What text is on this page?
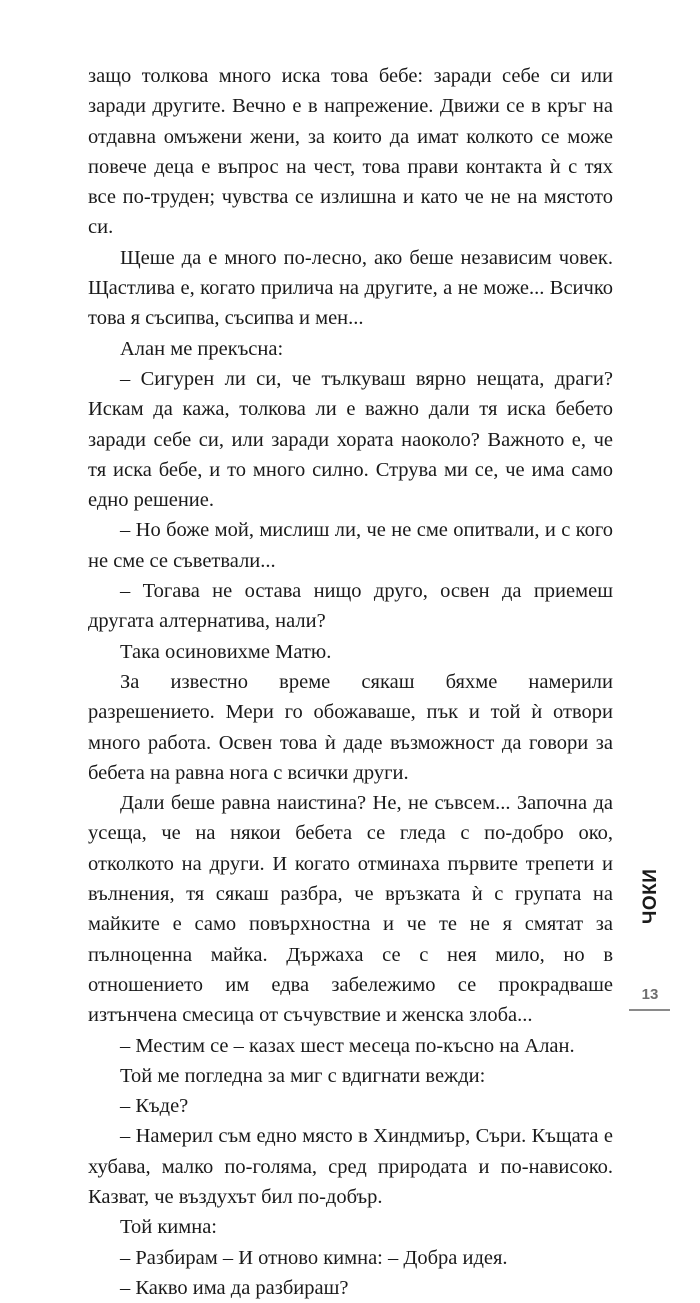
защо толкова много иска това бебе: заради себе си или заради другите. Вечно е в напрежение. Движи се в кръг на отдавна омъжени жени, за които да имат колкото се може повече деца е въпрос на чест, това прави контакта ѝ с тях все по-труден; чувства се излишна и като че не на мястото си.

Щеше да е много по-лесно, ако беше независим човек. Щастлива е, когато прилича на другите, а не може... Всичко това я съсипва, съсипва и мен...

Алан ме прекъсна:

– Сигурен ли си, че тълкуваш вярно нещата, драги? Искам да кажа, толкова ли е важно дали тя иска бебето заради себе си, или заради хората наоколо? Важното е, че тя иска бебе, и то много силно. Струва ми се, че има само едно решение.

– Но боже мой, мислиш ли, че не сме опитвали, и с кого не сме се съветвали...

– Тогава не остава нищо друго, освен да приемеш другата алтернатива, нали?

Така осиновихме Матю.

За известно време сякаш бяхме намерили разрешението. Мери го обожаваше, пък и той ѝ отвори много работа. Освен това ѝ даде възможност да говори за бебета на равна нога с всички други.

Дали беше равна наистина? Не, не съвсем... Започна да усеща, че на някои бебета се гледа с по-добро око, отколкото на други. И когато отминаха първите трепети и вълнения, тя сякаш разбра, че връзката ѝ с групата на майките е само повърхностна и че те не я смятат за пълноценна майка. Държаха се с нея мило, но в отношението им едва забележимо се прокрадваше изтънчена смесица от съчувствие и женска злоба...

– Местим се – казах шест месеца по-късно на Алан.

Той ме погледна за миг с вдигнати вежди:

– Къде?

– Намерил съм едно място в Хиндмиър, Съри. Къщата е хубава, малко по-голяма, сред природата и по-нависоко. Казват, че въздухът бил по-добър.

Той кимна:

– Разбирам – И отново кимна: – Добра идея.

– Какво има да разбираш?

ЧОКИ
13
